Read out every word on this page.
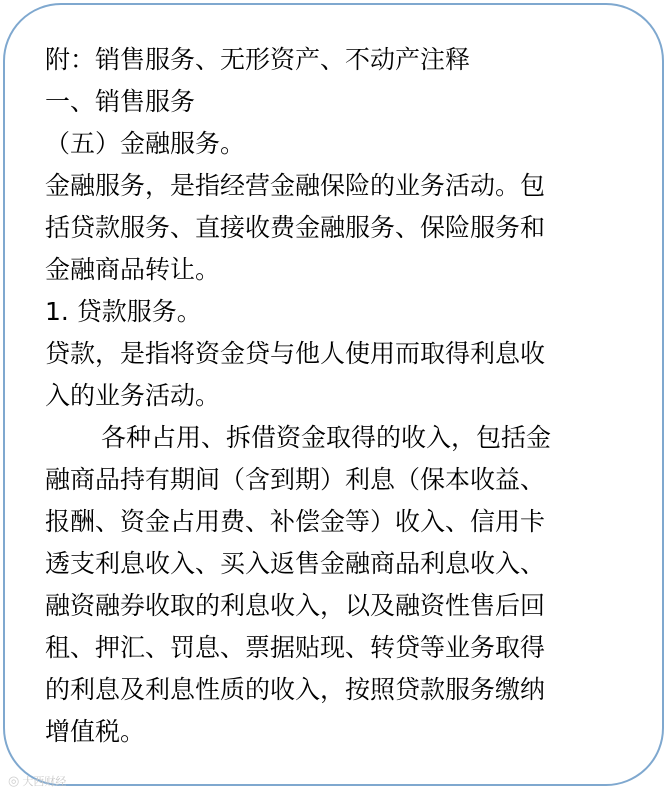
附：销售服务、无形资产、不动产注释
一、销售服务
（五）金融服务。
金融服务，是指经营金融保险的业务活动。包
括贷款服务、直接收费金融服务、保险服务和
金融商品转让。
1. 贷款服务。
贷款，是指将资金贷与他人使用而取得利息收
入的业务活动。
各种占用、拆借资金取得的收入，包括金
融商品持有期间（含到期）利息（保本收益、
报酬、资金占用费、补偿金等）收入、信用卡
透支利息收入、买入返售金融商品利息收入、
融资融券收取的利息收入，以及融资性售后回
租、押汇、罚息、票据贴现、转贷等业务取得
的利息及利息性质的收入，按照贷款服务缴纳
增值税。
◎ 大西财经
